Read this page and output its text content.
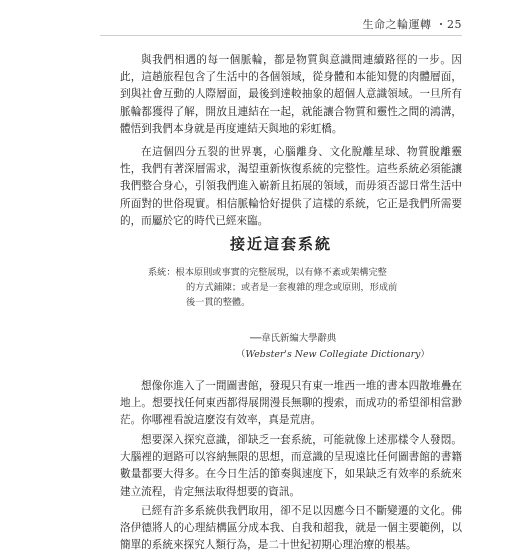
生命之輪運轉 ・25

與我們相遇的每一個脈輪，都是物質與意識間連續路徑的一步。因此，這趟旅程包含了生活中的各個領域，從身體和本能知覺的肉體層面，到與社會互動的人際層面，最後到達較抽象的超個人意識領域。一旦所有脈輪都獲得了解，開放且連結在一起，就能讓合物質和靈性之間的鴻溝，體悟到我們本身就是再度連結天與地的彩虹橋。

在這個四分五裂的世界裏，心腦離身、文化脫離星球、物質脫離靈性，我們有著深層需求，渴望重新恢復系統的完整性。這些系統必須能讓我們整合身心，引領我們進入嶄新且拓展的領域，而毋須否認日常生活中所面對的世俗現實。相信脈輪恰好提供了這樣的系統，它正是我們所需要的，而屬於它的時代已經來臨。

接近這套系統
系統：根本原則或事實的完整展現，以有條不紊或架構完整
的方式鋪陳；或者是一套複雜的理念或原則，形成前
後一貫的整體。
──韋氏新編大學辭典
（Webster's New Collegiate Dictionary）

想像你進入了一間圖書館，發現只有東一堆西一堆的書本四散堆疊在地上。想要找任何東西都得展開漫長無聊的搜索，而成功的希望卻相當渺茫。你哪裡看說這麼沒有效率，真是荒唐。

想要深入探究意識，卻缺乏一套系統，可能就像上述那樣令人發悶。大腦裡的迴路可以容納無限的思想，而意識的呈現遠比任何圖書館的書籍數量都要大得多。在今日生活的節奏與速度下，如果缺乏有效率的系統來建立流程，肯定無法取得想要的資訊。

已經有許多系統供我們取用，卻不足以因應今日不斷變遷的文化。佛洛伊德將人的心理結構區分成本我、自我和超我，就是一個主要範例，以簡單的系統來探究人類行為，是二十世紀初期心理治療的根基。
